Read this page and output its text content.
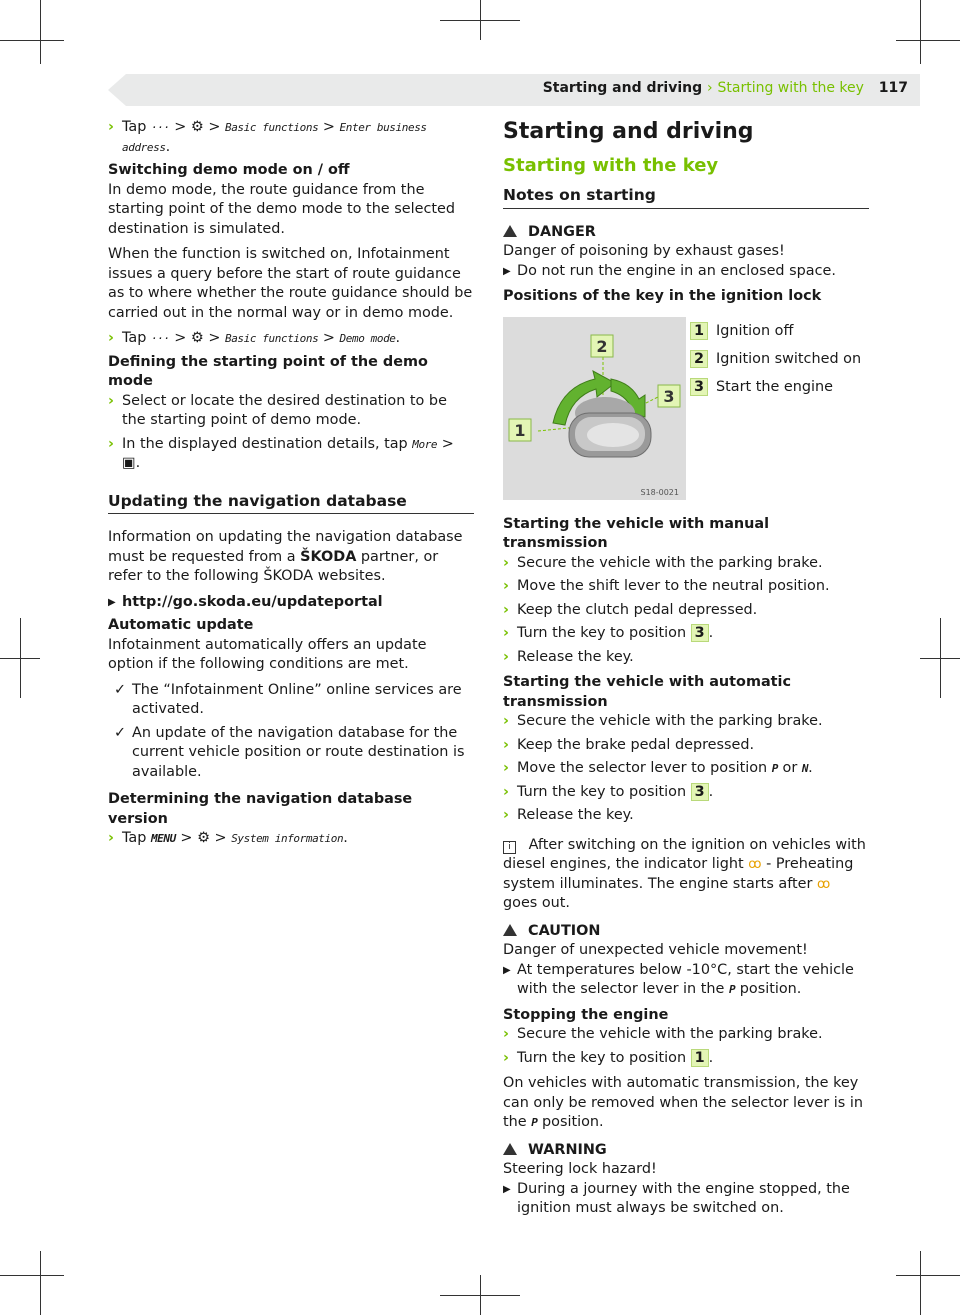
Starting and driving › Starting with the key 117

› Tap ··· > ⚙ > Basic functions > Enter business address.

Switching demo mode on / off

In demo mode, the route guidance from the starting point of the demo mode to the selected destination is simulated.

When the function is switched on, Infotainment issues a query before the start of route guidance as to where whether the route guidance should be carried out in the normal way or in demo mode.

› Tap ··· > ⚙ > Basic functions > Demo mode.

Defining the starting point of the demo mode
› Select or locate the desired destination to be the starting point of demo mode.
› In the displayed destination details, tap More > ▣.
Updating the navigation database

Information on updating the navigation database must be requested from a ŠKODA partner, or refer to the following ŠKODA websites.

▶ http://go.skoda.eu/updateportal

Automatic update

Infotainment automatically offers an update option if the following conditions are met.

✓ The “Infotainment Online” online services are activated.
✓ An update of the navigation database for the current vehicle position or route destination is available.
Determining the navigation database version
› Tap MENU > ⚙ > System information.
Starting and driving
Starting with the key
Notes on starting
DANGER
Danger of poisoning by exhaust gases!
▶ Do not run the engine in an enclosed space.
Positions of the key in the ignition lock
1
2
3
S18-0021
1 Ignition off
2 Ignition switched on
3 Start the engine
Starting the vehicle with manual transmission
› Secure the vehicle with the parking brake.
› Move the shift lever to the neutral position.
› Keep the clutch pedal depressed.
› Turn the key to position 3 .
› Release the key.
Starting the vehicle with automatic transmission
› Secure the vehicle with the parking brake.
› Keep the brake pedal depressed.
› Move the selector lever to position P or N.
› Turn the key to position 3 .
› Release the key.

i After switching on the ignition on vehicles with diesel engines, the indicator light ꝏ - Preheating system illuminates. The engine starts after ꝏ goes out.

CAUTION
Danger of unexpected vehicle movement!
▶ At temperatures below -10°C, start the vehicle with the selector lever in the P position.
Stopping the engine
› Secure the vehicle with the parking brake.
› Turn the key to position 1 .

On vehicles with automatic transmission, the key can only be removed when the selector lever is in the P position.

WARNING
Steering lock hazard!
▶ During a journey with the engine stopped, the ignition must always be switched on.
